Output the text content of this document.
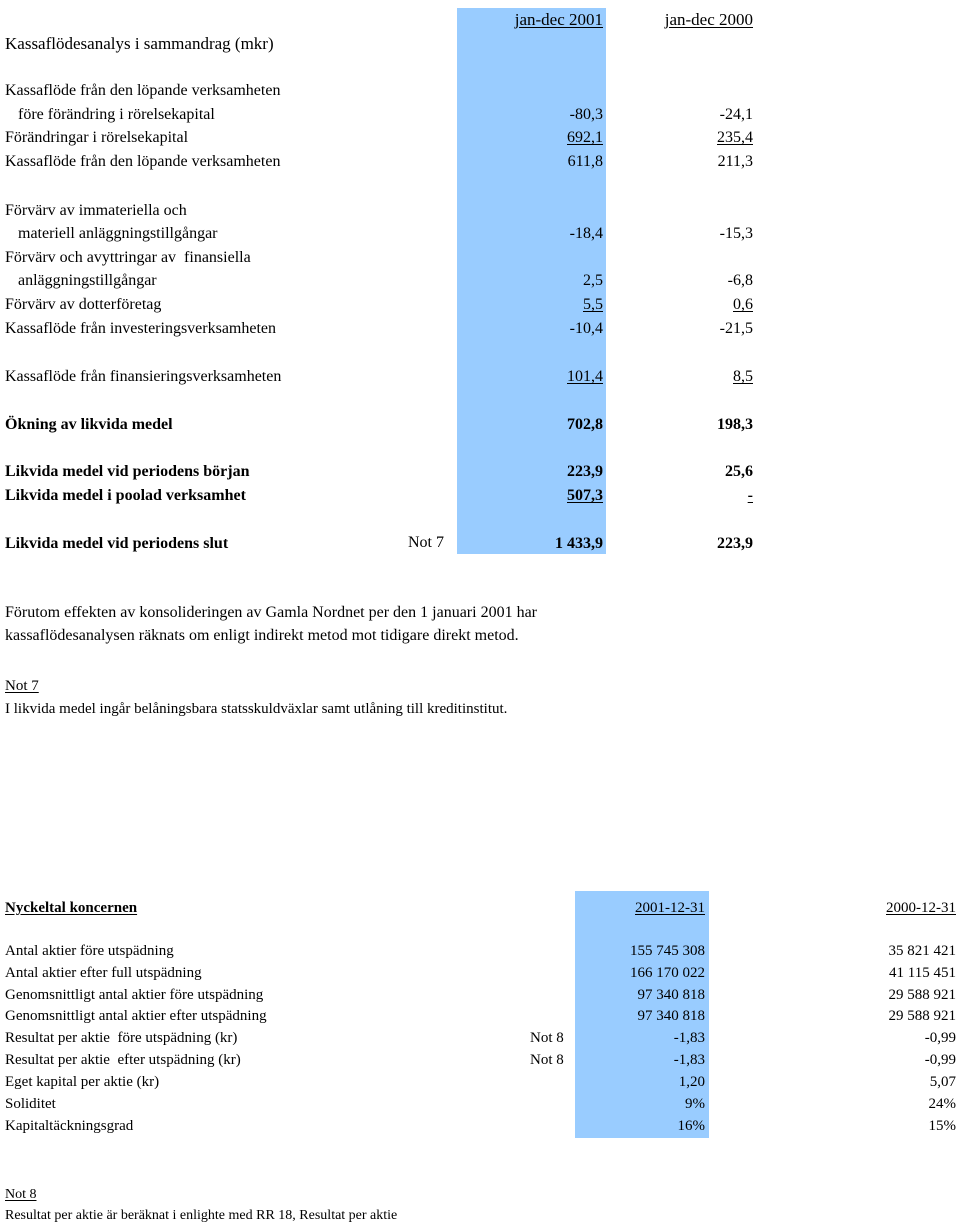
Kassaflödesanalys i sammandrag (mkr)
jan-dec 2001	jan-dec 2000
Kassaflöde från den löpande verksamheten
före förändring i rörelsekapital	-80,3	-24,1
Förändringar i rörelsekapital	692,1	235,4
Kassaflöde från den löpande verksamheten	611,8	211,3
Förvärv av immateriella och
materiell anläggningstillgångar	-18,4	-15,3
Förvärv och avyttringar av  finansiella
anläggningstillgångar	2,5	-6,8
Förvärv av dotterföretag	5,5	0,6
Kassaflöde från investeringsverksamheten	-10,4	-21,5
Kassaflöde från finansieringsverksamheten	101,4	8,5
Ökning av likvida medel	702,8	198,3
Likvida medel vid periodens början	223,9	25,6
Likvida medel i poolad verksamhet	507,3	-
Likvida medel vid periodens slut	Not 7	1 433,9	223,9
Förutom effekten av konsolideringen av Gamla Nordnet per den 1 januari 2001 har
kassaflödesanalysen räknats om enligt indirekt metod mot tidigare direkt metod.
Not 7
I likvida medel ingår belåningsbara statsskuldväxlar samt utlåning till kreditinstitut.
Nyckeltal koncernen	2001-12-31	2000-12-31
Antal aktier före utspädning	155 745 308	35 821 421
Antal aktier efter full utspädning	166 170 022	41 115 451
Genomsnittligt antal aktier före utspädning	97 340 818	29 588 921
Genomsnittligt antal aktier efter utspädning	97 340 818	29 588 921
Resultat per aktie  före utspädning (kr)	Not 8	-1,83	-0,99
Resultat per aktie  efter utspädning (kr)	Not 8	-1,83	-0,99
Eget kapital per aktie (kr)	1,20	5,07
Soliditet	9%	24%
Kapitaltäckningsgrad	16%	15%
Not 8
Resultat per aktie är beräknat i enlighte med RR 18, Resultat per aktie
